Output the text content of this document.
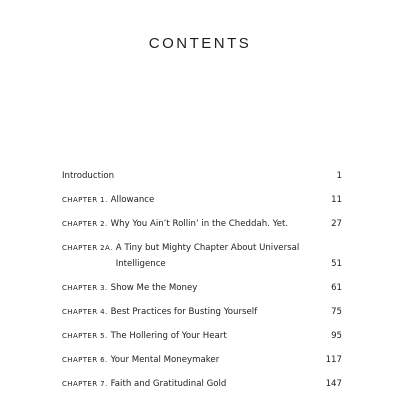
CONTENTS
Introduction	1
CHAPTER 1. Allowance	11
CHAPTER 2. Why You Ain’t Rollin’ in the Cheddah. Yet.	27
CHAPTER 2A. A Tiny but Mighty Chapter About Universal Intelligence	51
CHAPTER 3. Show Me the Money	61
CHAPTER 4. Best Practices for Busting Yourself	75
CHAPTER 5. The Hollering of Your Heart	95
CHAPTER 6. Your Mental Moneymaker	117
CHAPTER 7. Faith and Gratitudinal Gold	147
